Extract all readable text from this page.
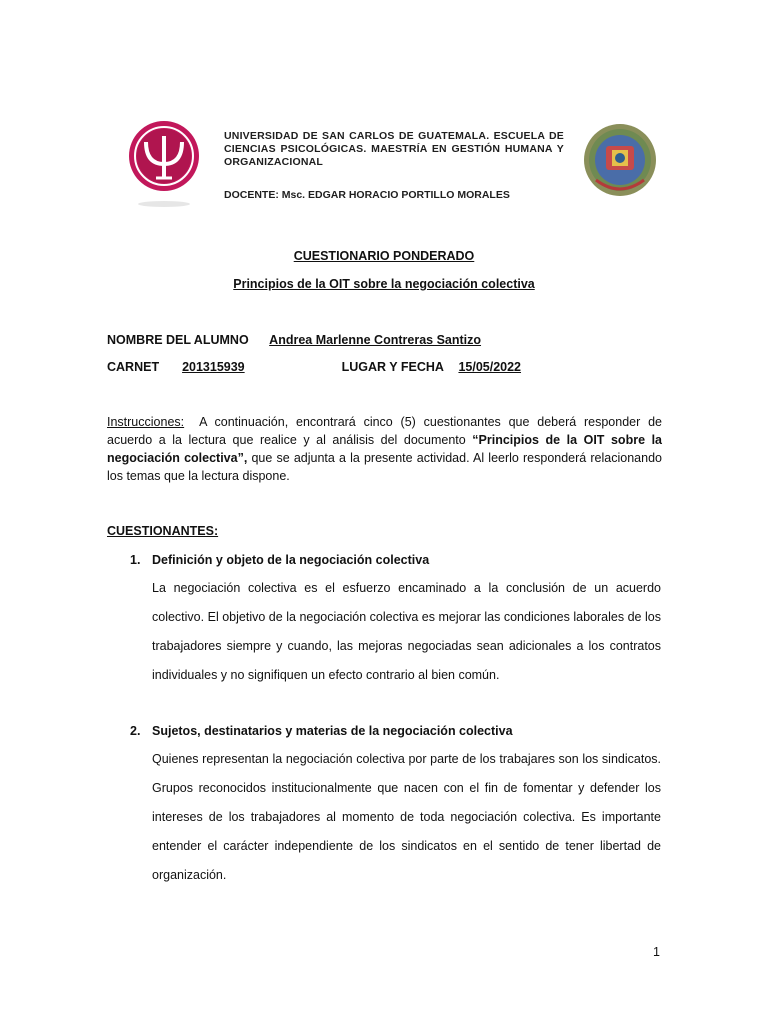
UNIVERSIDAD DE SAN CARLOS DE GUATEMALA. ESCUELA DE CIENCIAS PSICOLÓGICAS. MAESTRÍA EN GESTIÓN HUMANA Y ORGANIZACIONAL
DOCENTE: Msc. EDGAR HORACIO PORTILLO MORALES
CUESTIONARIO PONDERADO
Principios de la OIT sobre la negociación colectiva
NOMBRE DEL ALUMNO Andrea Marlenne Contreras Santizo
CARNET 201315939	LUGAR Y FECHA 15/05/2022
Instrucciones: A continuación, encontrará cinco (5) cuestionantes que deberá responder de acuerdo a la lectura que realice y al análisis del documento “Principios de la OIT sobre la negociación colectiva”, que se adjunta a la presente actividad. Al leerlo responderá relacionando los temas que la lectura dispone.
CUESTIONANTES:
1. Definición y objeto de la negociación colectiva
La negociación colectiva es el esfuerzo encaminado a la conclusión de un acuerdo colectivo. El objetivo de la negociación colectiva es mejorar las condiciones laborales de los trabajadores siempre y cuando, las mejoras negociadas sean adicionales a los contratos individuales y no signifiquen un efecto contrario al bien común.
2. Sujetos, destinatarios y materias de la negociación colectiva
Quienes representan la negociación colectiva por parte de los trabajares son los sindicatos. Grupos reconocidos institucionalmente que nacen con el fin de fomentar y defender los intereses de los trabajadores al momento de toda negociación colectiva. Es importante entender el carácter independiente de los sindicatos en el sentido de tener libertad de organización.
1
